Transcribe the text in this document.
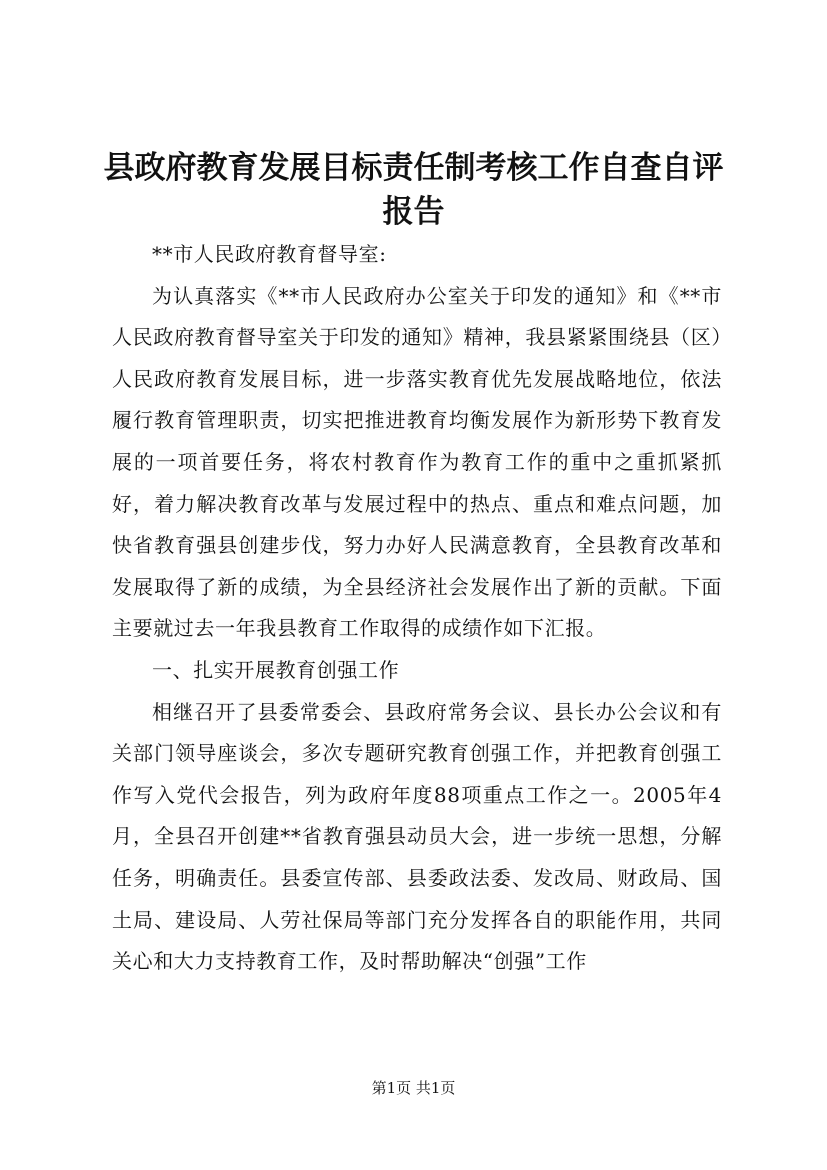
县政府教育发展目标责任制考核工作自查自评报告

**市人民政府教育督导室:

为认真落实《**市人民政府办公室关于印发的通知》和《**市人民政府教育督导室关于印发的通知》精神，我县紧紧围绕县（区）人民政府教育发展目标，进一步落实教育优先发展战略地位，依法履行教育管理职责，切实把推进教育均衡发展作为新形势下教育发展的一项首要任务，将农村教育作为教育工作的重中之重抓紧抓好，着力解决教育改革与发展过程中的热点、重点和难点问题，加快省教育强县创建步伐，努力办好人民满意教育，全县教育改革和发展取得了新的成绩，为全县经济社会发展作出了新的贡献。下面主要就过去一年我县教育工作取得的成绩作如下汇报。

一、扎实开展教育创强工作

相继召开了县委常委会、县政府常务会议、县长办公会议和有关部门领导座谈会，多次专题研究教育创强工作，并把教育创强工作写入党代会报告，列为政府年度88项重点工作之一。2005年4月，全县召开创建**省教育强县动员大会，进一步统一思想，分解任务，明确责任。县委宣传部、县委政法委、发改局、财政局、国土局、建设局、人劳社保局等部门充分发挥各自的职能作用，共同关心和大力支持教育工作，及时帮助解决“创强”工作

第1页 共1页
